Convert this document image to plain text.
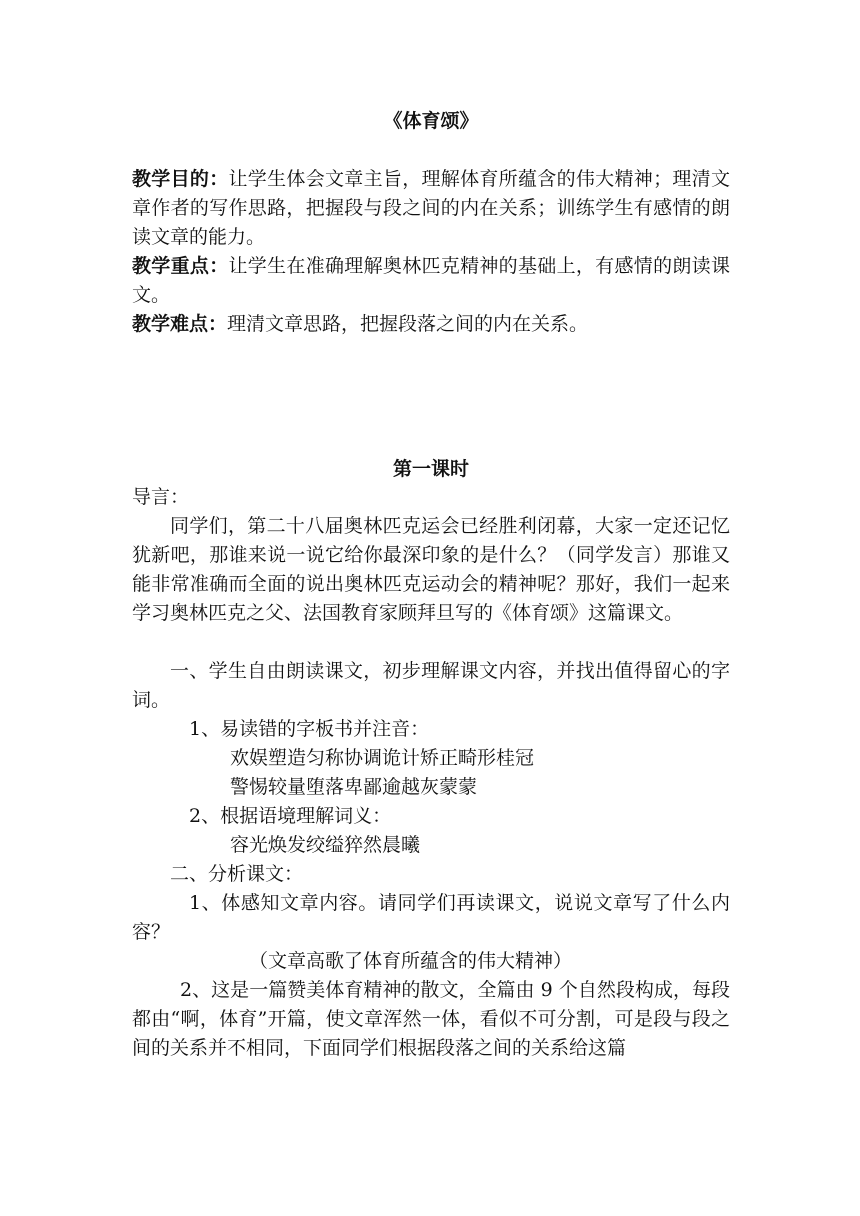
《体育颂》

教学目的：让学生体会文章主旨，理解体育所蕴含的伟大精神；理清文章作者的写作思路，把握段与段之间的内在关系；训练学生有感情的朗读文章的能力。

教学重点：让学生在准确理解奥林匹克精神的基础上，有感情的朗读课文。

教学难点：理清文章思路，把握段落之间的内在关系。

第一课时

导言：

同学们，第二十八届奥林匹克运会已经胜利闭幕，大家一定还记忆犹新吧，那谁来说一说它给你最深印象的是什么？（同学发言）那谁又能非常准确而全面的说出奥林匹克运动会的精神呢？那好，我们一起来学习奥林匹克之父、法国教育家顾拜旦写的《体育颂》这篇课文。

一、学生自由朗读课文，初步理解课文内容，并找出值得留心的字词。

1、易读错的字板书并注音：

欢娱塑造匀称协调诡计矫正畸形桂冠

警惕较量堕落卑鄙逾越灰蒙蒙

2、根据语境理解词义：

容光焕发绞缢猝然晨曦

二、分析课文：

1、体感知文章内容。请同学们再读课文，说说文章写了什么内容？

（文章高歌了体育所蕴含的伟大精神）

2、这是一篇赞美体育精神的散文，全篇由 9 个自然段构成，每段都由“啊，体育”开篇，使文章浑然一体，看似不可分割，可是段与段之间的关系并不相同，下面同学们根据段落之间的关系给这篇
